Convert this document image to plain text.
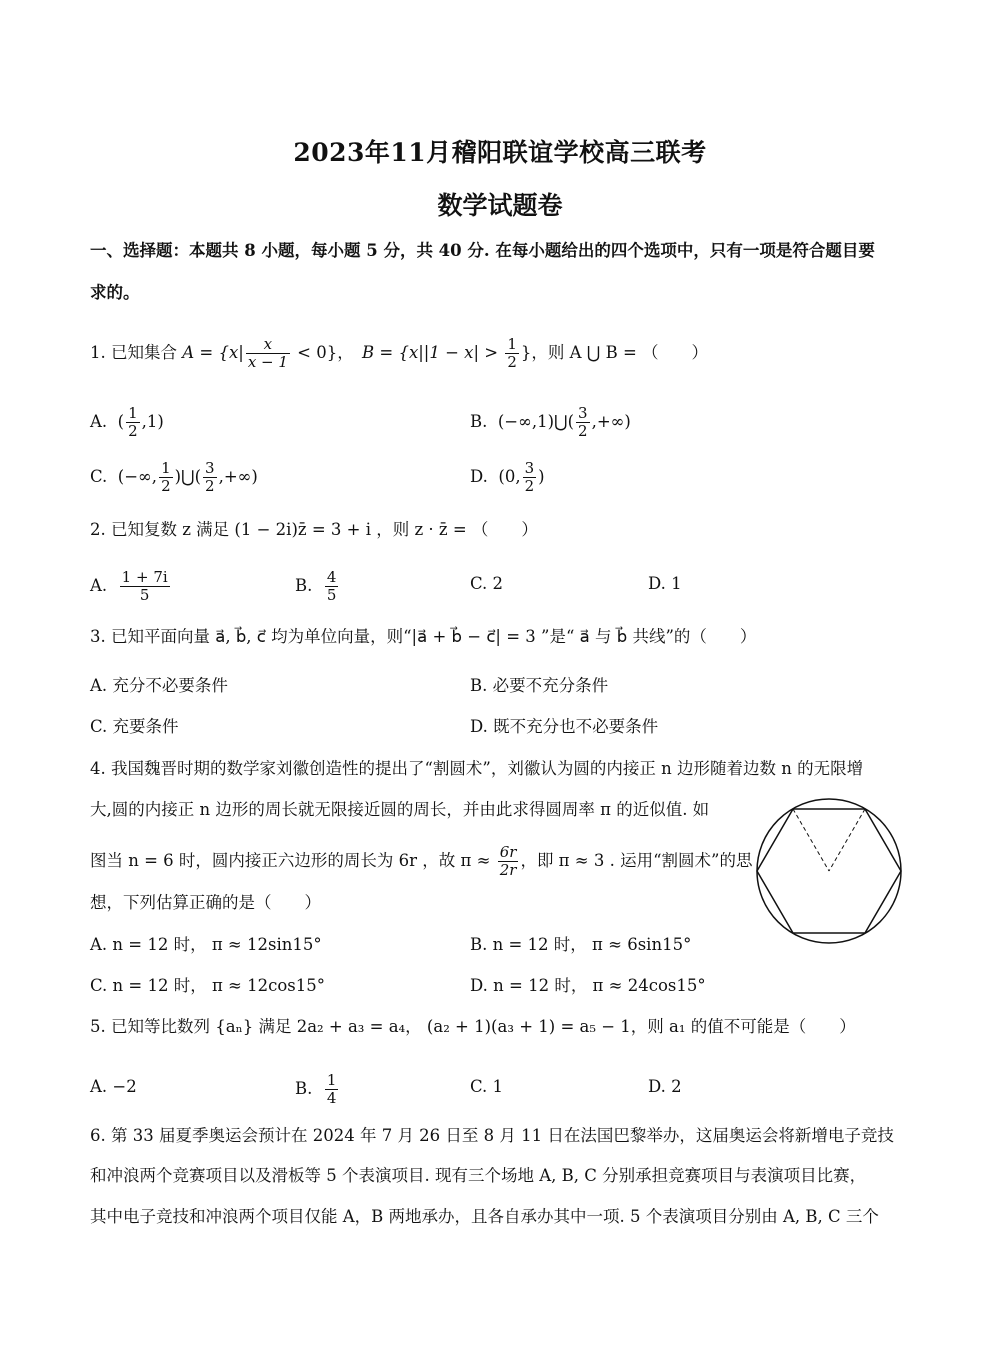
2023年11月稽阳联谊学校高三联考
数学试题卷
一、选择题：本题共 8 小题，每小题 5 分，共 40 分. 在每小题给出的四个选项中，只有一项是符合题目要
求的。
1. 已知集合 $A = \{x| \frac{x}{x - 1} < 0\}$，　 $B = \{x||1 - x| > \frac{1}{2}$ }，则 A ⋃ B = （　　）
A. ( $\frac{1}{2} ,1$)	B. (−∞,1)⋃( $\frac{3}{2}$ ,+∞)
C. (−∞, $\frac{1}{2}$ )⋃( $\frac{3}{2}$ ,+∞)	D. (0, $\frac{3}{2}$ )
2. 已知复数 z 满足 (1 − 2i)z̄ = 3 + i ，则 z · z̄ = （　　）
A. $\frac{1 + 7i}{5}$	B. $\frac{4}{5}$	C. 2	D. 1
3. 已知平面向量 a⃗, b⃗, c⃗ 均为单位向量，则“|a⃗ + b⃗ − c⃗| = 3 ”是“ a⃗ 与 b⃗ 共线”的（　　）
A. 充分不必要条件	B. 必要不充分条件
C. 充要条件	D. 既不充分也不必要条件
4. 我国魏晋时期的数学家刘徽创造性的提出了“割圆术”，刘徽认为圆的内接正 n 边形随着边数 n 的无限增
大,圆的内接正 n 边形的周长就无限接近圆的周长，并由此求得圆周率 π 的近似值. 如
图当 n = 6 时，圆内接正六边形的周长为 6r ，故 $\pi \approx \frac{6r}{2r}$ ，即 π ≈ 3 . 运用“割圆术”的思
想，下列估算正确的是（　　）
A. n = 12 时， π ≈ 12sin15°	B. n = 12 时， π ≈ 6sin15°
C. n = 12 时， π ≈ 12cos15°	D. n = 12 时， π ≈ 24cos15°
5. 已知等比数列 {aₙ} 满足 2a₂ + a₃ = a₄， (a₂ + 1)(a₃ + 1) = a₅ − 1，则 a₁ 的值不可能是（　　）
A. −2	B. $\frac{1}{4}$	C. 1	D. 2
6. 第 33 届夏季奥运会预计在 2024 年 7 月 26 日至 8 月 11 日在法国巴黎举办，这届奥运会将新增电子竞技
和冲浪两个竞赛项目以及滑板等 5 个表演项目. 现有三个场地 A, B, C 分别承担竞赛项目与表演项目比赛，
其中电子竞技和冲浪两个项目仅能 A，B 两地承办，且各自承办其中一项. 5 个表演项目分别由 A, B, C 三个
